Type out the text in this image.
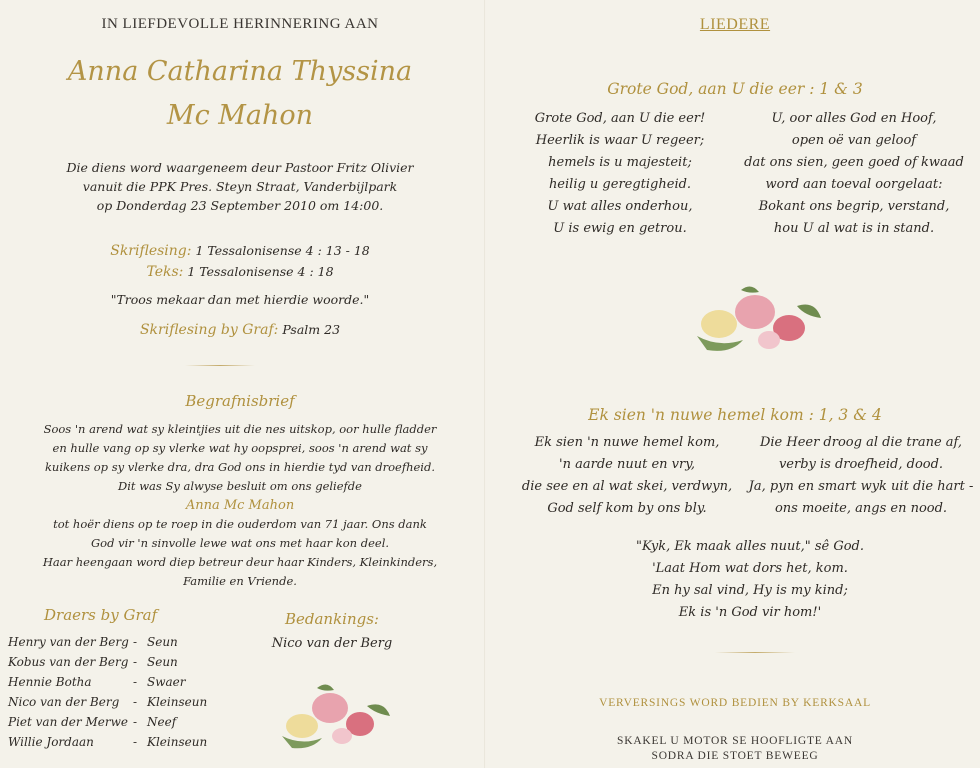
IN LIEFDEVOLLE HERINNERING AAN
Anna Catharina Thyssina
Mc Mahon
Die diens word waargeneem deur Pastoor Fritz Olivier
vanuit die PPK Pres. Steyn Straat, Vanderbijlpark
op Donderdag 23 September 2010 om 14:00.
Skriflesing: 1 Tessalonisense 4 : 13 - 18
Teks: 1 Tessalonisense 4 : 18
"Troos mekaar dan met hierdie woorde."
Skriflesing by Graf: Psalm 23
Begrafnisbrief
Soos 'n arend wat sy kleintjies uit die nes uitskop, oor hulle fladder
en hulle vang op sy vlerke wat hy oopsprei, soos 'n arend wat sy
kuikens op sy vlerke dra, dra God ons in hierdie tyd van droefheid.
Dit was Sy alwyse besluit om ons geliefde
Anna Mc Mahon
tot hoër diens op te roep in die ouderdom van 71 jaar. Ons dank
God vir 'n sinvolle lewe wat ons met haar kon deel.
Haar heengaan word diep betreur deur haar Kinders, Kleinkinders,
Familie en Vriende.
Draers by Graf
Henry van der Berg - Seun
Kobus van der Berg - Seun
Hennie Botha	- Swaer
Nico van der Berg	- Kleinseun
Piet van der Merwe - Neef
Willie Jordaan	- Kleinseun
Bedankings:
Nico van der Berg
LIEDERE
Grote God, aan U die eer : 1 & 3
Grote God, aan U die eer!
Heerlik is waar U regeer;
hemels is u majesteit;
heilig u geregtigheid.
U wat alles onderhou,
U is ewig en getrou.
U, oor alles God en Hoof,
open oë van geloof
dat ons sien, geen goed of kwaad
word aan toeval oorgelaat:
Bokant ons begrip, verstand,
hou U al wat is in stand.
Ek sien 'n nuwe hemel kom : 1, 3 & 4
Ek sien 'n nuwe hemel kom,
'n aarde nuut en vry,
die see en al wat skei, verdwyn,
God self kom by ons bly.
Die Heer droog al die trane af,
verby is droefheid, dood.
Ja, pyn en smart wyk uit die hart -
ons moeite, angs en nood.
"Kyk, Ek maak alles nuut," sê God.
'Laat Hom wat dors het, kom.
En hy sal vind, Hy is my kind;
Ek is 'n God vir hom!'
VERVERSINGS WORD BEDIEN BY KERKSAAL
SKAKEL U MOTOR SE HOOFLIGTE AAN
SODRA DIE STOET BEWEEG
